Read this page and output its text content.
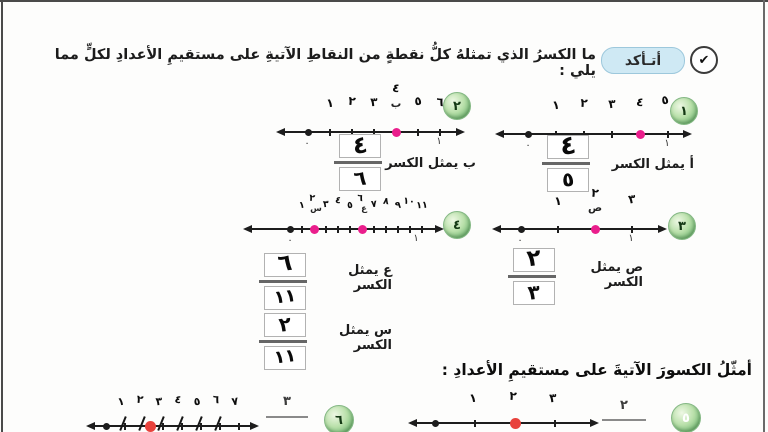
✔
أتـأكد
ما الكسرُ الذي تمثلهُ كلُّ نقطةٍ من النقاطِ الآتيةِ على مستقيمِ الأعدادِ لكلٍّ مما يلي :
١
١ ٢ ٣ ٤ ٥
٠	١
أ يمثل الكسر
٤
٥
٢
١ ٢ ٣
٤
ب ٥ ٦
٠	١
ب يمثل الكسر
٤
٦
٣
١
٢
ص
٣
٠	١
ص يمثل الكسر
٢
٣
٤
١
٢
٣ ٤ ٥
٦
٧ ٨ ٩ ١٠ ١١
س	ع
٠	١
ع يمثل الكسر
٦
١١
س يمثل الكسر
٢
١١
أمثّلُ الكسورَ الآتيةَ على مستقيمِ الأعدادِ :
٥
٢
١	٢	٣
٦
٣
١ ٢ ٣ ٤ ٥ ٦ ٧
